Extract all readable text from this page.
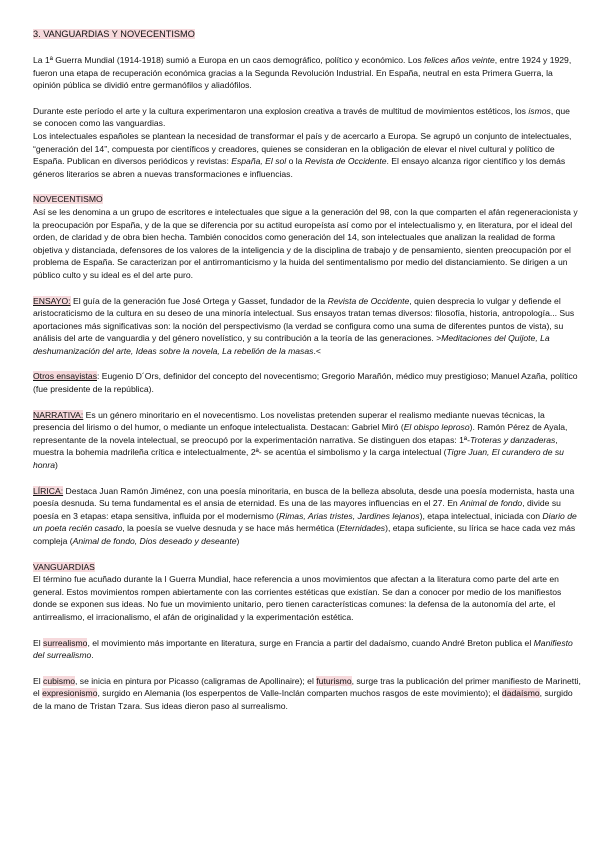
3. VANGUARDIAS Y NOVECENTISMO

La 1ª Guerra Mundial (1914-1918) sumió a Europa en un caos demográfico, político y económico. Los felices años veinte, entre 1924 y 1929, fueron una etapa de recuperación económica gracias a la Segunda Revolución Industrial. En España, neutral en esta Primera Guerra, la opinión pública se dividió entre germanófilos y aliadófilos.

Durante este período el arte y la cultura experimentaron una explosion creativa a través de multitud de movimientos estéticos, los ismos, que se conocen como las vanguardias.

Los intelectuales españoles se plantean la necesidad de transformar el país y de acercarlo a Europa. Se agrupó un conjunto de intelectuales, “generación del 14”, compuesta por científicos y creadores, quienes se consideran en la obligación de elevar el nivel cultural y político de España. Publican en diversos periódicos y revistas: España, El sol o la Revista de Occidente. El ensayo alcanza rigor científico y los demás géneros literarios se abren a nuevas transformaciones e influencias.

NOVECENTISMO

Así se les denomina a un grupo de escritores e intelectuales que sigue a la generación del 98, con la que comparten el afán regeneracionista y la preocupación por España, y de la que se diferencia por su actitud europeísta así como por el intelectualismo y, en literatura, por el ideal del orden, de claridad y de obra bien hecha. También conocidos como generación del 14, son intelectuales que analizan la realidad de forma objetiva y distanciada, defensores de los valores de la inteligencia y de la disciplina de trabajo y de pensamiento, sienten preocupación por el problema de España. Se caracterizan por el antirromanticismo y la huida del sentimentalismo por medio del distanciamiento. Se dirigen a un público culto y su ideal es el del arte puro.

ENSAYO: El guía de la generación fue José Ortega y Gasset, fundador de la Revista de Occidente, quien desprecia lo vulgar y defiende el aristocraticismo de la cultura en su deseo de una minoría intelectual. Sus ensayos tratan temas diversos: filosofía, historia, antropología... Sus aportaciones más significativas son: la noción del perspectivismo (la verdad se configura como una suma de diferentes puntos de vista), su análisis del arte de vanguardia y del género novelístico, y su contribución a la teoría de las generaciones. >Meditaciones del Quijote, La deshumanización del arte, Ideas sobre la novela, La rebelión de la masas.<

Otros ensayistas: Eugenio D´Ors, definidor del concepto del novecentismo; Gregorio Marañón, médico muy prestigioso; Manuel Azaña, político (fue presidente de la república).

NARRATIVA: Es un género minoritario en el novecentismo. Los novelistas pretenden superar el realismo mediante nuevas técnicas, la presencia del lirismo o del humor, o mediante un enfoque intelectualista. Destacan: Gabriel Miró (El obispo leproso). Ramón Pérez de Ayala, representante de la novela intelectual, se preocupó por la experimentación narrativa. Se distinguen dos etapas: 1ª-Troteras y danzaderas, muestra la bohemia madrileña crítica e intelectualmente, 2ª- se acentúa el simbolismo y la carga intelectual (Tigre Juan, El curandero de su honra)

LÍRICA: Destaca Juan Ramón Jiménez, con una poesía minoritaria, en busca de la belleza absoluta, desde una poesía modernista, hasta una poesía desnuda. Su tema fundamental es el ansia de eternidad. Es una de las mayores influencias en el 27. En Animal de fondo, divide su poesía en 3 etapas: etapa sensitiva, influida por el modernismo (Rimas, Arias tristes, Jardines lejanos), etapa intelectual, iniciada con Diario de un poeta recién casado, la poesía se vuelve desnuda y se hace más hermética (Eternidades), etapa suficiente, su lírica se hace cada vez más compleja (Animal de fondo, Dios deseado y deseante)

VANGUARDIAS

El término fue acuñado durante la I Guerra Mundial, hace referencia a unos movimientos que afectan a la literatura como parte del arte en general. Estos movimientos rompen abiertamente con las corrientes estéticas que existían. Se dan a conocer por medio de los manifiestos donde se exponen sus ideas. No fue un movimiento unitario, pero tienen características comunes: la defensa de la autonomía del arte, el antirrealismo, el irracionalismo, el afán de originalidad y la experimentación estética.

El surrealismo, el movimiento más importante en literatura, surge en Francia a partir del dadaísmo, cuando André Breton publica el Manifiesto del surrealismo.

El cubismo, se inicia en pintura por Picasso (caligramas de Apollinaire); el futurismo, surge tras la publicación del primer manifiesto de Marinetti, el expresionismo, surgido en Alemania (los esperpentos de Valle-Inclán comparten muchos rasgos de este movimiento); el dadaísmo, surgido de la mano de Tristan Tzara. Sus ideas dieron paso al surrealismo.
